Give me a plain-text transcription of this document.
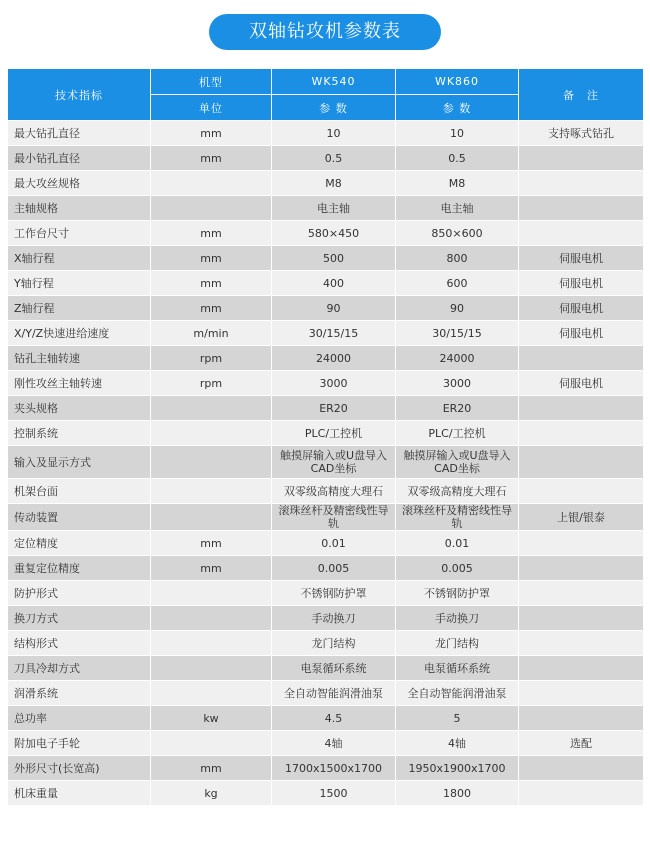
双轴钻攻机参数表
技术指标	机型	WK540	WK860	备　注
	单位	参 数	参 数	
最大钻孔直径	mm	10	10	支持啄式钻孔
最小钻孔直径	mm	0.5	0.5	
最大攻丝规格		M8	M8	
主轴规格		电主轴	电主轴	
工作台尺寸	mm	580×450	850×600	
X轴行程	mm	500	800	伺服电机
Y轴行程	mm	400	600	伺服电机
Z轴行程	mm	90	90	伺服电机
X/Y/Z快速进给速度	m/min	30/15/15	30/15/15	伺服电机
钻孔主轴转速	rpm	24000	24000	
刚性攻丝主轴转速	rpm	3000	3000	伺服电机
夹头规格		ER20	ER20	
控制系统		PLC/工控机	PLC/工控机	
输入及显示方式		触摸屏输入或U盘导入CAD坐标	触摸屏输入或U盘导入CAD坐标	
机架台面		双零级高精度大理石	双零级高精度大理石	
传动装置		滚珠丝杆及精密线性导轨	滚珠丝杆及精密线性导轨	上银/银泰
定位精度	mm	0.01	0.01	
重复定位精度	mm	0.005	0.005	
防护形式		不锈钢防护罩	不锈钢防护罩	
换刀方式		手动换刀	手动换刀	
结构形式		龙门结构	龙门结构	
刀具冷却方式		电泵循环系统	电泵循环系统	
润滑系统		全自动智能润滑油泵	全自动智能润滑油泵	
总功率	kw	4.5	5	
附加电子手轮		4轴	4轴	选配
外形尺寸(长宽高)	mm	1700x1500x1700	1950x1900x1700	
机床重量	kg	1500	1800	
